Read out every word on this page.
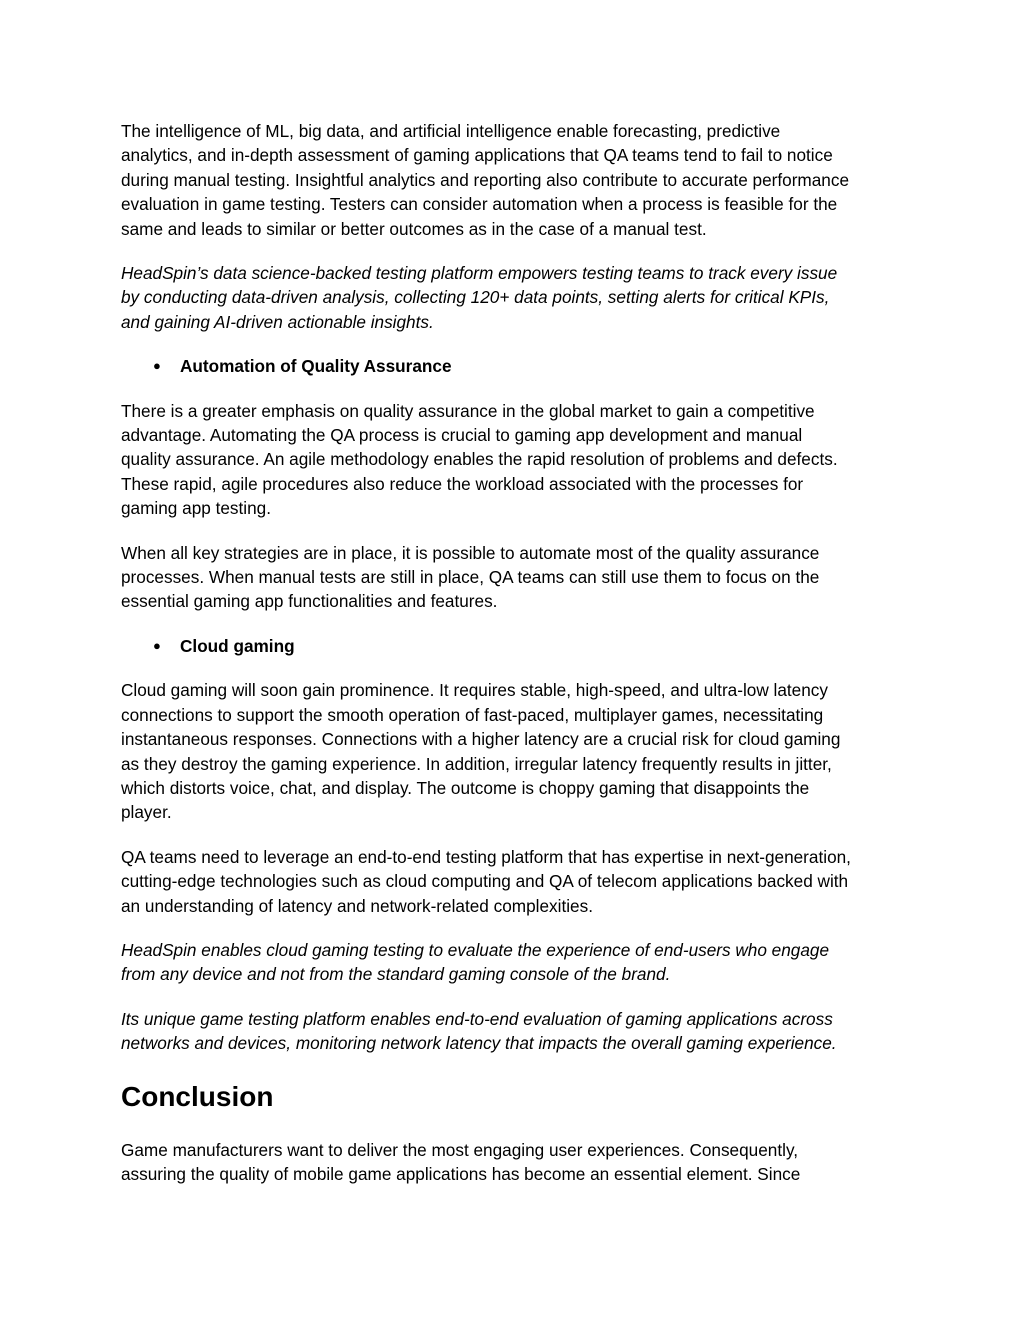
The intelligence of ML, big data, and artificial intelligence enable forecasting, predictive
analytics, and in-depth assessment of gaming applications that QA teams tend to fail to notice
during manual testing. Insightful analytics and reporting also contribute to accurate performance
evaluation in game testing. Testers can consider automation when a process is feasible for the
same and leads to similar or better outcomes as in the case of a manual test.

HeadSpin’s data science-backed testing platform empowers testing teams to track every issue
by conducting data-driven analysis, collecting 120+ data points, setting alerts for critical KPIs,
and gaining AI-driven actionable insights.

● Automation of Quality Assurance

There is a greater emphasis on quality assurance in the global market to gain a competitive
advantage. Automating the QA process is crucial to gaming app development and manual
quality assurance. An agile methodology enables the rapid resolution of problems and defects.
These rapid, agile procedures also reduce the workload associated with the processes for
gaming app testing.

When all key strategies are in place, it is possible to automate most of the quality assurance
processes. When manual tests are still in place, QA teams can still use them to focus on the
essential gaming app functionalities and features.

● Cloud gaming

Cloud gaming will soon gain prominence. It requires stable, high-speed, and ultra-low latency
connections to support the smooth operation of fast-paced, multiplayer games, necessitating
instantaneous responses. Connections with a higher latency are a crucial risk for cloud gaming
as they destroy the gaming experience. In addition, irregular latency frequently results in jitter,
which distorts voice, chat, and display. The outcome is choppy gaming that disappoints the
player.

QA teams need to leverage an end-to-end testing platform that has expertise in next-generation,
cutting-edge technologies such as cloud computing and QA of telecom applications backed with
an understanding of latency and network-related complexities.

HeadSpin enables cloud gaming testing to evaluate the experience of end-users who engage
from any device and not from the standard gaming console of the brand.

Its unique game testing platform enables end-to-end evaluation of gaming applications across
networks and devices, monitoring network latency that impacts the overall gaming experience.

Conclusion

Game manufacturers want to deliver the most engaging user experiences. Consequently,
assuring the quality of mobile game applications has become an essential element. Since
